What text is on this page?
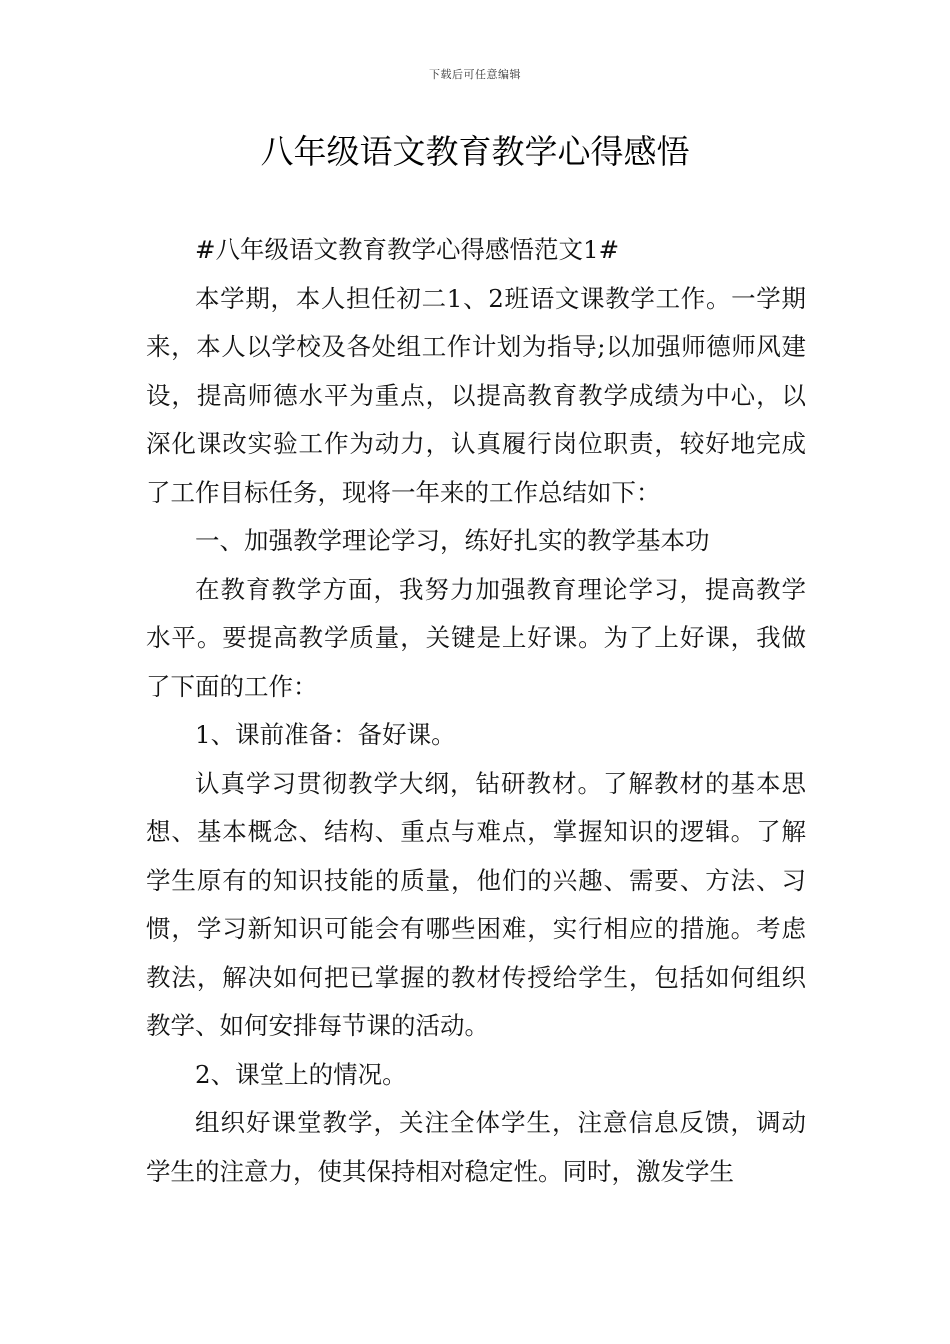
下载后可任意编辑
八年级语文教育教学心得感悟

#八年级语文教育教学心得感悟范文1#

本学期，本人担任初二1、2班语文课教学工作。一学期来，本人以学校及各处组工作计划为指导;以加强师德师风建设，提高师德水平为重点，以提高教育教学成绩为中心，以深化课改实验工作为动力，认真履行岗位职责，较好地完成了工作目标任务，现将一年来的工作总结如下：

一、加强教学理论学习，练好扎实的教学基本功

在教育教学方面，我努力加强教育理论学习，提高教学水平。要提高教学质量，关键是上好课。为了上好课，我做了下面的工作：

1、课前准备：备好课。

认真学习贯彻教学大纲，钻研教材。了解教材的基本思想、基本概念、结构、重点与难点，掌握知识的逻辑。了解学生原有的知识技能的质量，他们的兴趣、需要、方法、习惯，学习新知识可能会有哪些困难，实行相应的措施。考虑教法，解决如何把已掌握的教材传授给学生，包括如何组织教学、如何安排每节课的活动。

2、课堂上的情况。

组织好课堂教学，关注全体学生，注意信息反馈，调动学生的注意力，使其保持相对稳定性。同时，激发学生
